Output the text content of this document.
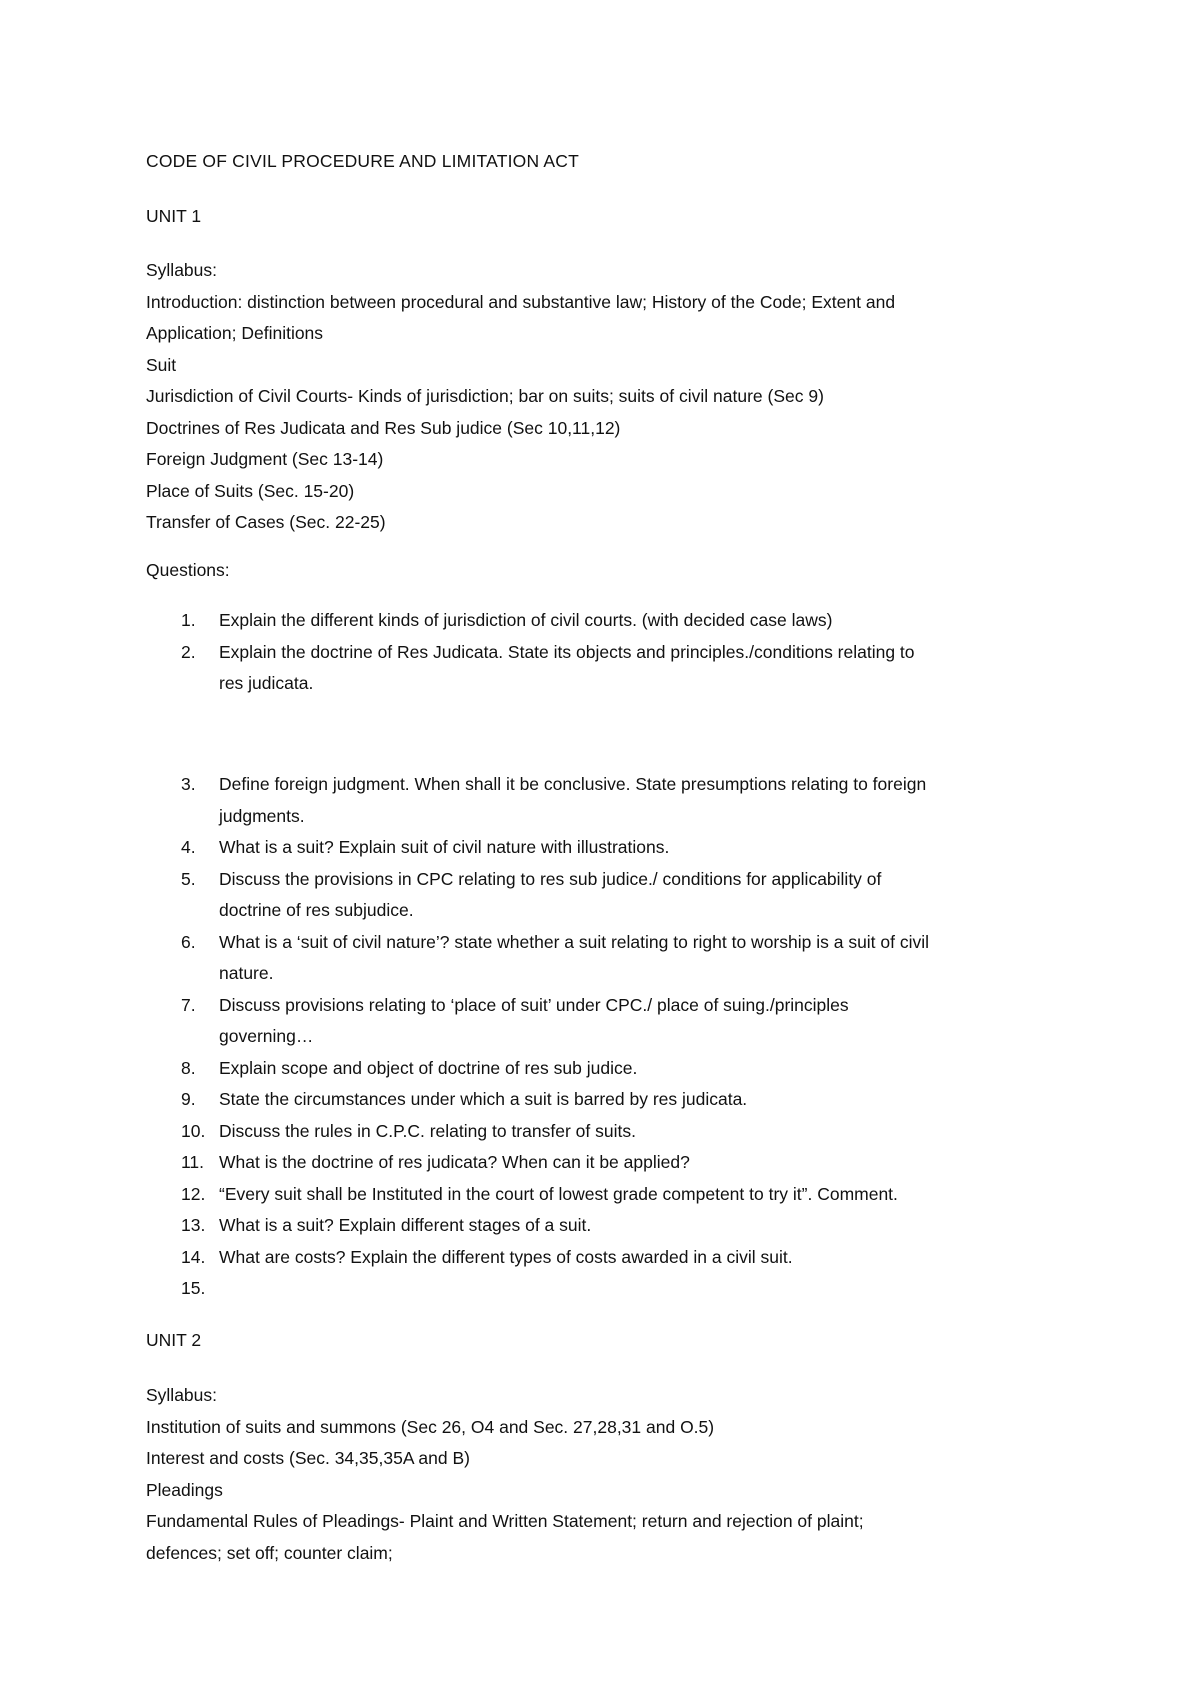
CODE OF CIVIL PROCEDURE AND LIMITATION ACT
UNIT 1
Syllabus:
Introduction: distinction between procedural and substantive law; History of the Code; Extent and
Application; Definitions
Suit
Jurisdiction of Civil Courts- Kinds of jurisdiction; bar on suits; suits of civil nature (Sec 9)
Doctrines of Res Judicata and Res Sub judice (Sec 10,11,12)
Foreign Judgment (Sec 13-14)
Place of Suits (Sec. 15-20)
Transfer of Cases (Sec. 22-25)
Questions:
1.	Explain the different kinds of jurisdiction of civil courts. (with decided case laws)
2.	Explain the doctrine of Res Judicata. State its objects and principles./conditions relating to
res judicata.
3.	Define foreign judgment. When shall it be conclusive. State presumptions relating to foreign
judgments.
4.	What is a suit? Explain suit of civil nature with illustrations.
5.	Discuss the provisions in CPC relating to res sub judice./ conditions for applicability of
doctrine of res subjudice.
6.	What is a ‘suit of civil nature’? state whether a suit relating to right to worship is a suit of civil
nature.
7.	Discuss provisions relating to ‘place of suit’ under CPC./ place of suing./principles
governing…
8.	Explain scope and object of doctrine of res sub judice.
9.	State the circumstances under which a suit is barred by res judicata.
10. Discuss the rules in C.P.C. relating to transfer of suits.
11. What is the doctrine of res judicata? When can it be applied?
12. “Every suit shall be Instituted in the court of lowest grade competent to try it”. Comment.
13. What is a suit? Explain different stages of a suit.
14. What are costs? Explain the different types of costs awarded in a civil suit.
15.
UNIT 2
Syllabus:
Institution of suits and summons (Sec 26, O4 and Sec. 27,28,31 and O.5)
Interest and costs (Sec. 34,35,35A and B)
Pleadings
Fundamental Rules of Pleadings- Plaint and Written Statement; return and rejection of plaint;
defences; set off; counter claim;
